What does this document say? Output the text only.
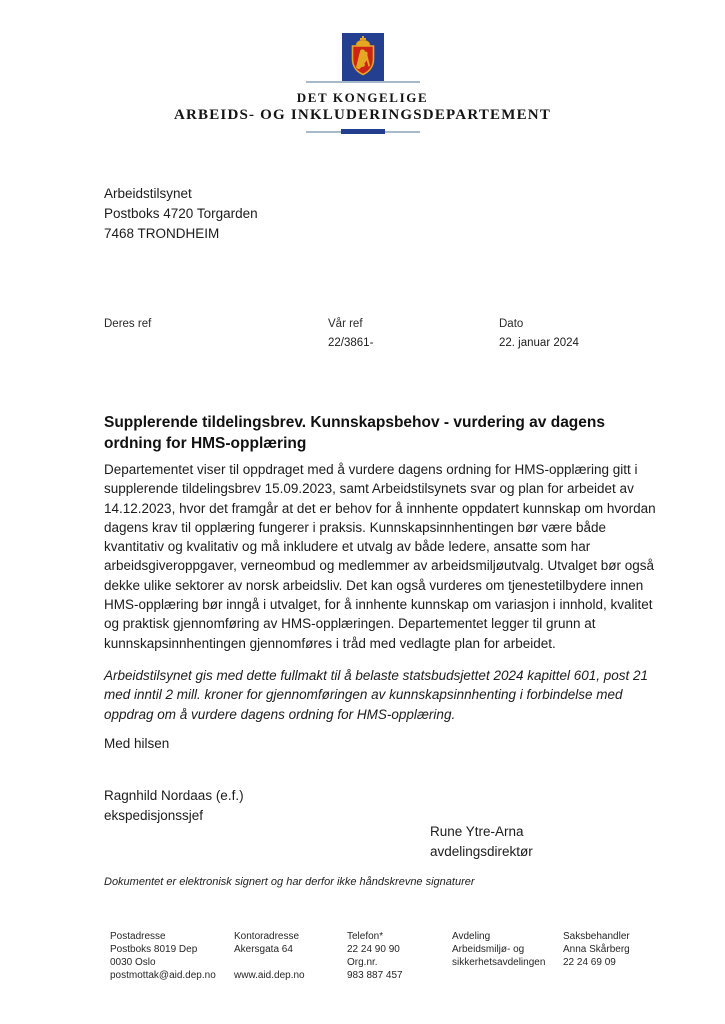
DET KONGELIGE
ARBEIDS- OG INKLUDERINGSDEPARTEMENT
Arbeidstilsynet
Postboks 4720 Torgarden
7468 TRONDHEIM
Deres ref	Vår ref
22/3861-
Dato
22. januar 2024
Supplerende tildelingsbrev. Kunnskapsbehov - vurdering av dagens ordning for HMS-opplæring
Departementet viser til oppdraget med å vurdere dagens ordning for HMS-opplæring gitt i supplerende tildelingsbrev 15.09.2023, samt Arbeidstilsynets svar og plan for arbeidet av 14.12.2023, hvor det framgår at det er behov for å innhente oppdatert kunnskap om hvordan dagens krav til opplæring fungerer i praksis. Kunnskapsinnhentingen bør være både kvantitativ og kvalitativ og må inkludere et utvalg av både ledere, ansatte som har arbeidsgiveroppgaver, verneombud og medlemmer av arbeidsmiljøutvalg. Utvalget bør også dekke ulike sektorer av norsk arbeidsliv. Det kan også vurderes om tjenestetilbydere innen HMS-opplæring bør inngå i utvalget, for å innhente kunnskap om variasjon i innhold, kvalitet og praktisk gjennomføring av HMS-opplæringen. Departementet legger til grunn at kunnskapsinnhentingen gjennomføres i tråd med vedlagte plan for arbeidet.
Arbeidstilsynet gis med dette fullmakt til å belaste statsbudsjettet 2024 kapittel 601, post 21 med inntil 2 mill. kroner for gjennomføringen av kunnskapsinnhenting i forbindelse med oppdrag om å vurdere dagens ordning for HMS-opplæring.
Med hilsen
Ragnhild Nordaas (e.f.)
ekspedisjonssjef
Rune Ytre-Arna
avdelingsdirektør
Dokumentet er elektronisk signert og har derfor ikke håndskrevne signaturer
Postadresse
Postboks 8019 Dep
0030 Oslo
postmottak@aid.dep.no
Kontoradresse
Akersgata 64
www.aid.dep.no
Telefon*
22 24 90 90
Org.nr.
983 887 457
Avdeling
Arbeidsmiljø- og
sikkerhetsavdelingen
Saksbehandler
Anna Skårberg
22 24 69 09
